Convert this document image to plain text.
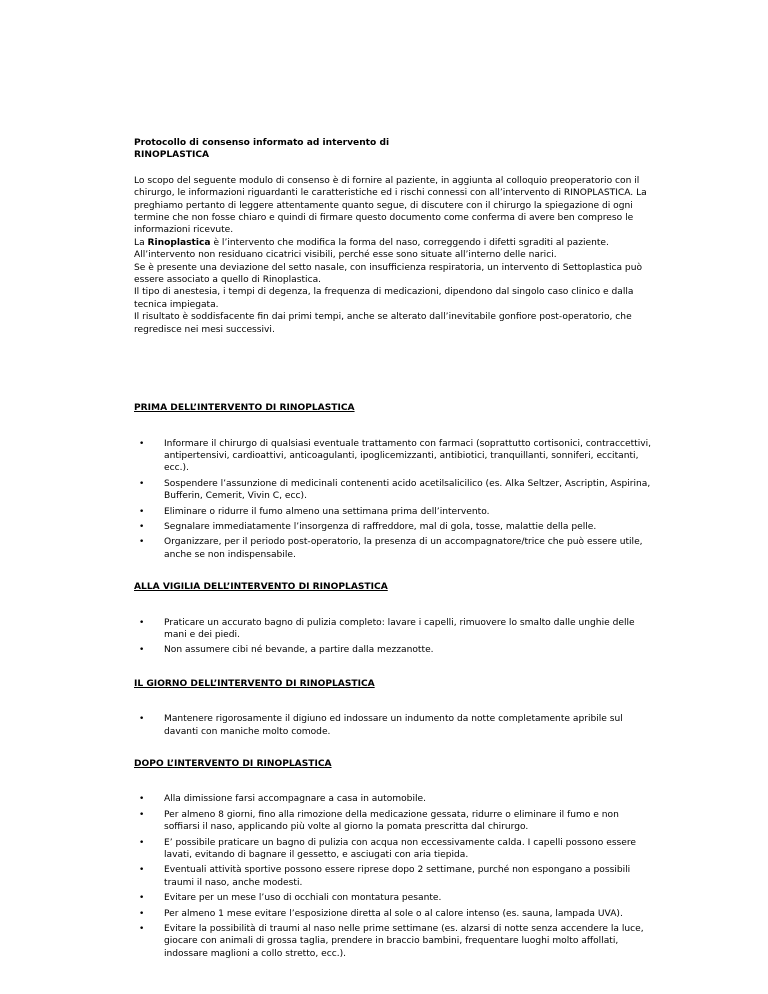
Protocollo di consenso informato ad intervento di
RINOPLASTICA

Lo scopo del seguente modulo di consenso è di fornire al paziente, in aggiunta al colloquio preoperatorio con il chirurgo, le informazioni riguardanti le caratteristiche ed i rischi connessi con all’intervento di RINOPLASTICA. La preghiamo pertanto di leggere attentamente quanto segue, di discutere con il chirurgo la spiegazione di ogni termine che non fosse chiaro e quindi di firmare questo documento come conferma di avere ben compreso le informazioni ricevute.

La Rinoplastica è l’intervento che modifica la forma del naso, correggendo i difetti sgraditi al paziente.

All’intervento non residuano cicatrici visibili, perché esse sono situate all’interno delle narici.

Se è presente una deviazione del setto nasale, con insufficienza respiratoria, un intervento di Settoplastica può essere associato a quello di Rinoplastica.

Il tipo di anestesia, i tempi di degenza, la frequenza di medicazioni, dipendono dal singolo caso clinico e dalla tecnica impiegata.

Il risultato è soddisfacente fin dai primi tempi, anche se alterato dall’inevitabile gonfiore post-operatorio, che regredisce nei mesi successivi.

PRIMA DELL’INTERVENTO DI RINOPLASTICA
• Informare il chirurgo di qualsiasi eventuale trattamento con farmaci (soprattutto cortisonici, contraccettivi, antipertensivi, cardioattivi, anticoagulanti, ipoglicemizzanti, antibiotici, tranquillanti, sonniferi, eccitanti, ecc.).
• Sospendere l’assunzione di medicinali contenenti acido acetilsalicilico (es. Alka Seltzer, Ascriptin, Aspirina, Bufferin, Cemerit, Vivin C, ecc).
• Eliminare o ridurre il fumo almeno una settimana prima dell’intervento.
• Segnalare immediatamente l’insorgenza di raffreddore, mal di gola, tosse, malattie della pelle.
• Organizzare, per il periodo post-operatorio, la presenza di un accompagnatore/trice che può essere utile, anche se non indispensabile.
ALLA VIGILIA DELL’INTERVENTO DI RINOPLASTICA
• Praticare un accurato bagno di pulizia completo: lavare i capelli, rimuovere lo smalto dalle unghie delle mani e dei piedi.
• Non assumere cibi né bevande, a partire dalla mezzanotte.
IL GIORNO DELL’INTERVENTO DI RINOPLASTICA
• Mantenere rigorosamente il digiuno ed indossare un indumento da notte completamente apribile sul davanti con maniche molto comode.
DOPO L’INTERVENTO DI RINOPLASTICA
• Alla dimissione farsi accompagnare a casa in automobile.
• Per almeno 8 giorni, fino alla rimozione della medicazione gessata, ridurre o eliminare il fumo e non soffiarsi il naso, applicando più volte al giorno la pomata prescritta dal chirurgo.
• E’ possibile praticare un bagno di pulizia con acqua non eccessivamente calda. I capelli possono essere lavati, evitando di bagnare il gessetto, e asciugati con aria tiepida.
• Eventuali attività sportive possono essere riprese dopo 2 settimane, purché non espongano a possibili traumi il naso, anche modesti.
• Evitare per un mese l’uso di occhiali con montatura pesante.
• Per almeno 1 mese evitare l’esposizione diretta al sole o al calore intenso (es. sauna, lampada UVA).
• Evitare la possibilità di traumi al naso nelle prime settimane (es. alzarsi di notte senza accendere la luce, giocare con animali di grossa taglia, prendere in braccio bambini, frequentare luoghi molto affollati, indossare maglioni a collo stretto, ecc.).
